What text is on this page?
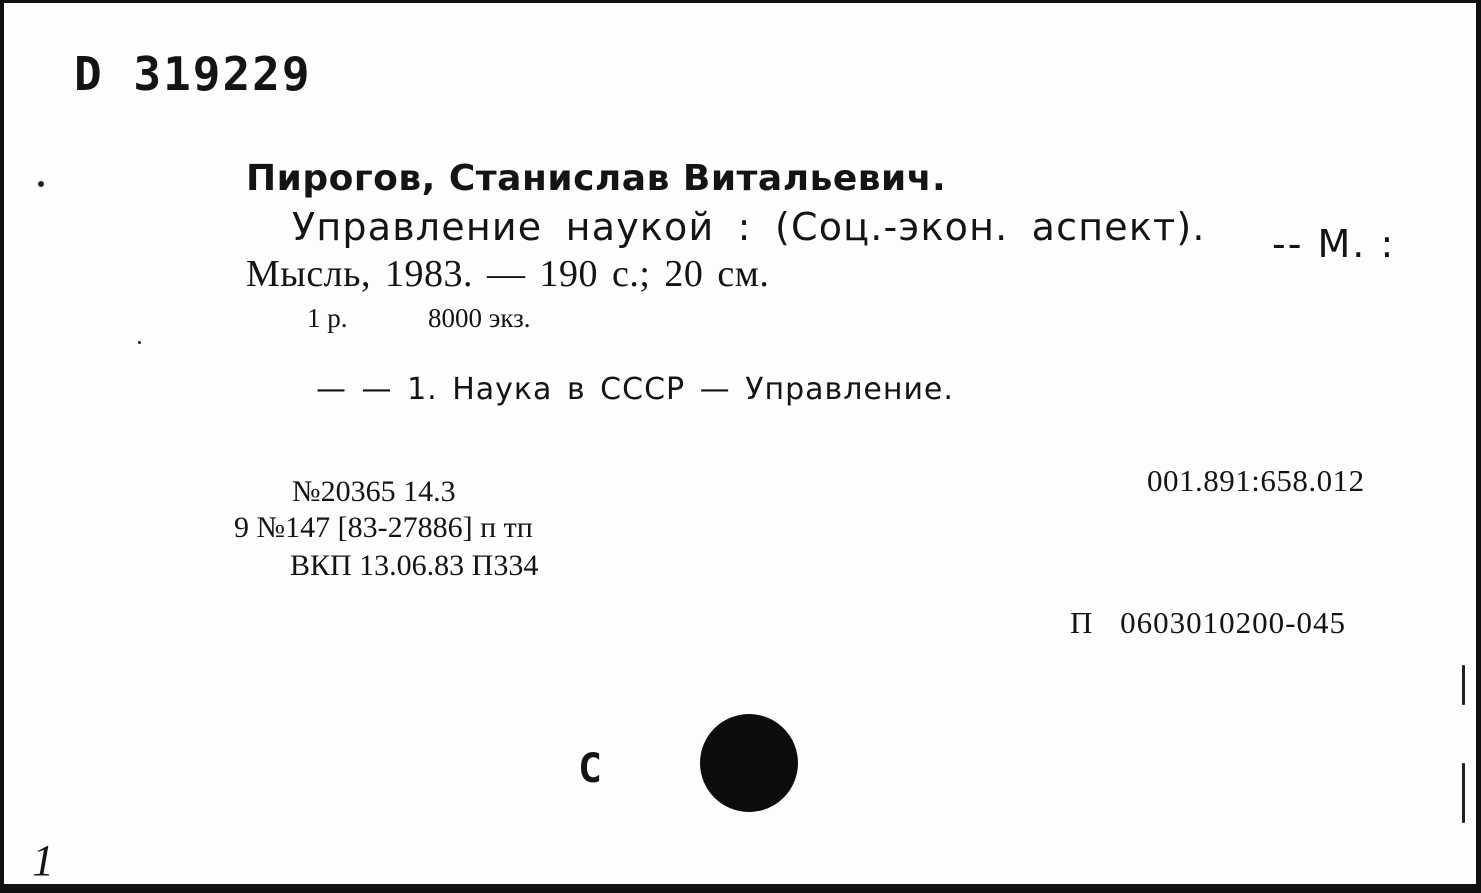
D 319229
Пирогов, Станислав Витальевич.
Управление наукой : (Соц.-экон. аспект). -- М. :
Мысль, 1983. — 190 с.; 20 см.
1 р.	8000 экз.
— — 1. Наука в СССР — Управление.
№20365 14.3
9 №147 [83-27886] п тп
ВКП 13.06.83 П334
001.891:658.012
П 0603010200-045
С
1
